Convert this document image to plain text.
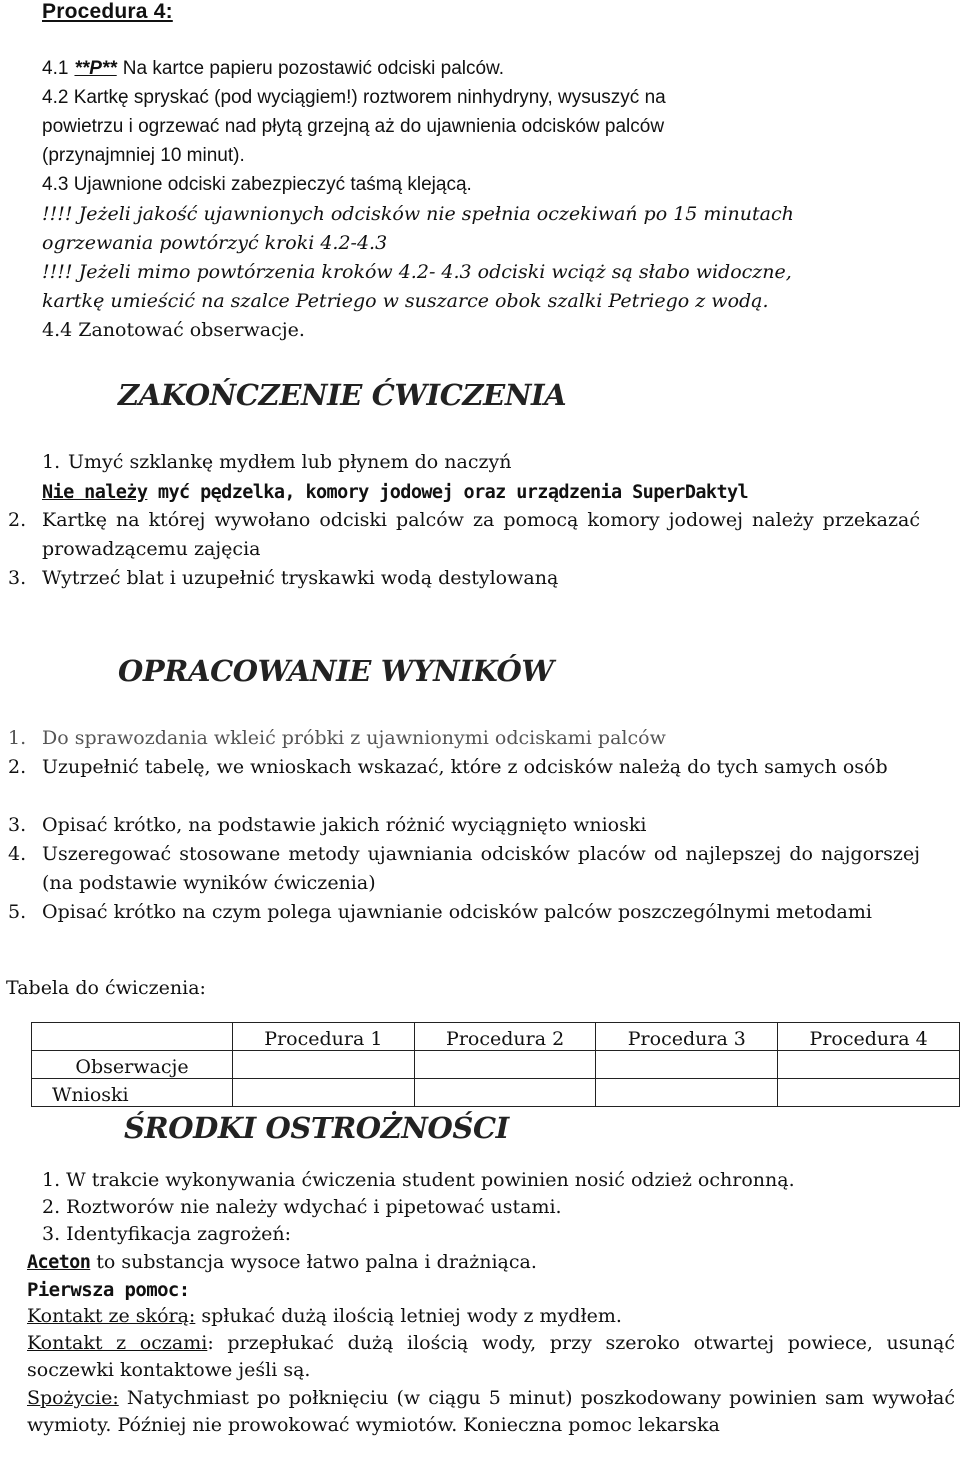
Procedura 4:
4.1 **P** Na kartce papieru pozostawić odciski palców.
4.2 Kartkę spryskać (pod wyciągiem!) roztworem ninhydryny, wysuszyć na
powietrzu i ogrzewać nad płytą grzejną aż do ujawnienia odcisków palców
(przynajmniej 10 minut).
4.3 Ujawnione odciski zabezpieczyć taśmą klejącą.
!!!! Jeżeli jakość ujawnionych odcisków nie spełnia oczekiwań po 15 minutach
ogrzewania powtórzyć kroki 4.2-4.3
!!!! Jeżeli mimo powtórzenia kroków 4.2- 4.3 odciski wciąż są słabo widoczne,
kartkę umieścić na szalce Petriego w suszarce obok szalki Petriego z wodą.
4.4 Zanotować obserwacje.
ZAKOŃCZENIE ĆWICZENIA
1. Umyć szklankę mydłem lub płynem do naczyń
Nie należy myć pędzelka, komory jodowej oraz urządzenia SuperDaktyl
2. Kartkę na której wywołano odciski palców za pomocą komory jodowej należy przekazać prowadzącemu zajęcia
3. Wytrzeć blat i uzupełnić tryskawki wodą destylowaną
OPRACOWANIE WYNIKÓW
1. Do sprawozdania wkleić próbki z ujawnionymi odciskami palców
2. Uzupełnić tabelę, we wnioskach wskazać, które z odcisków należą do tych samych osób
3. Opisać krótko, na podstawie jakich różnić wyciągnięto wnioski
4. Uszeregować stosowane metody ujawniania odcisków placów od najlepszej do najgorszej (na podstawie wyników ćwiczenia)
5. Opisać krótko na czym polega ujawnianie odcisków palców poszczególnymi metodami
Tabela do ćwiczenia:
	Procedura 1	Procedura 2	Procedura 3	Procedura 4
Obserwacje				
Wnioski				
ŚRODKI OSTROŻNOŚCI
1. W trakcie wykonywania ćwiczenia student powinien nosić odzież ochronną.
2. Roztworów nie należy wdychać i pipetować ustami.
3. Identyfikacja zagrożeń:
Aceton to substancja wysoce łatwo palna i drażniąca.
Pierwsza pomoc:
Kontakt ze skórą: spłukać dużą ilością letniej wody z mydłem.
Kontakt z oczami: przepłukać dużą ilością wody, przy szeroko otwartej powiece, usunąć soczewki kontaktowe jeśli są.
Spożycie: Natychmiast po połknięciu (w ciągu 5 minut) poszkodowany powinien sam wywołać wymioty. Później nie prowokować wymiotów. Konieczna pomoc lekarska
